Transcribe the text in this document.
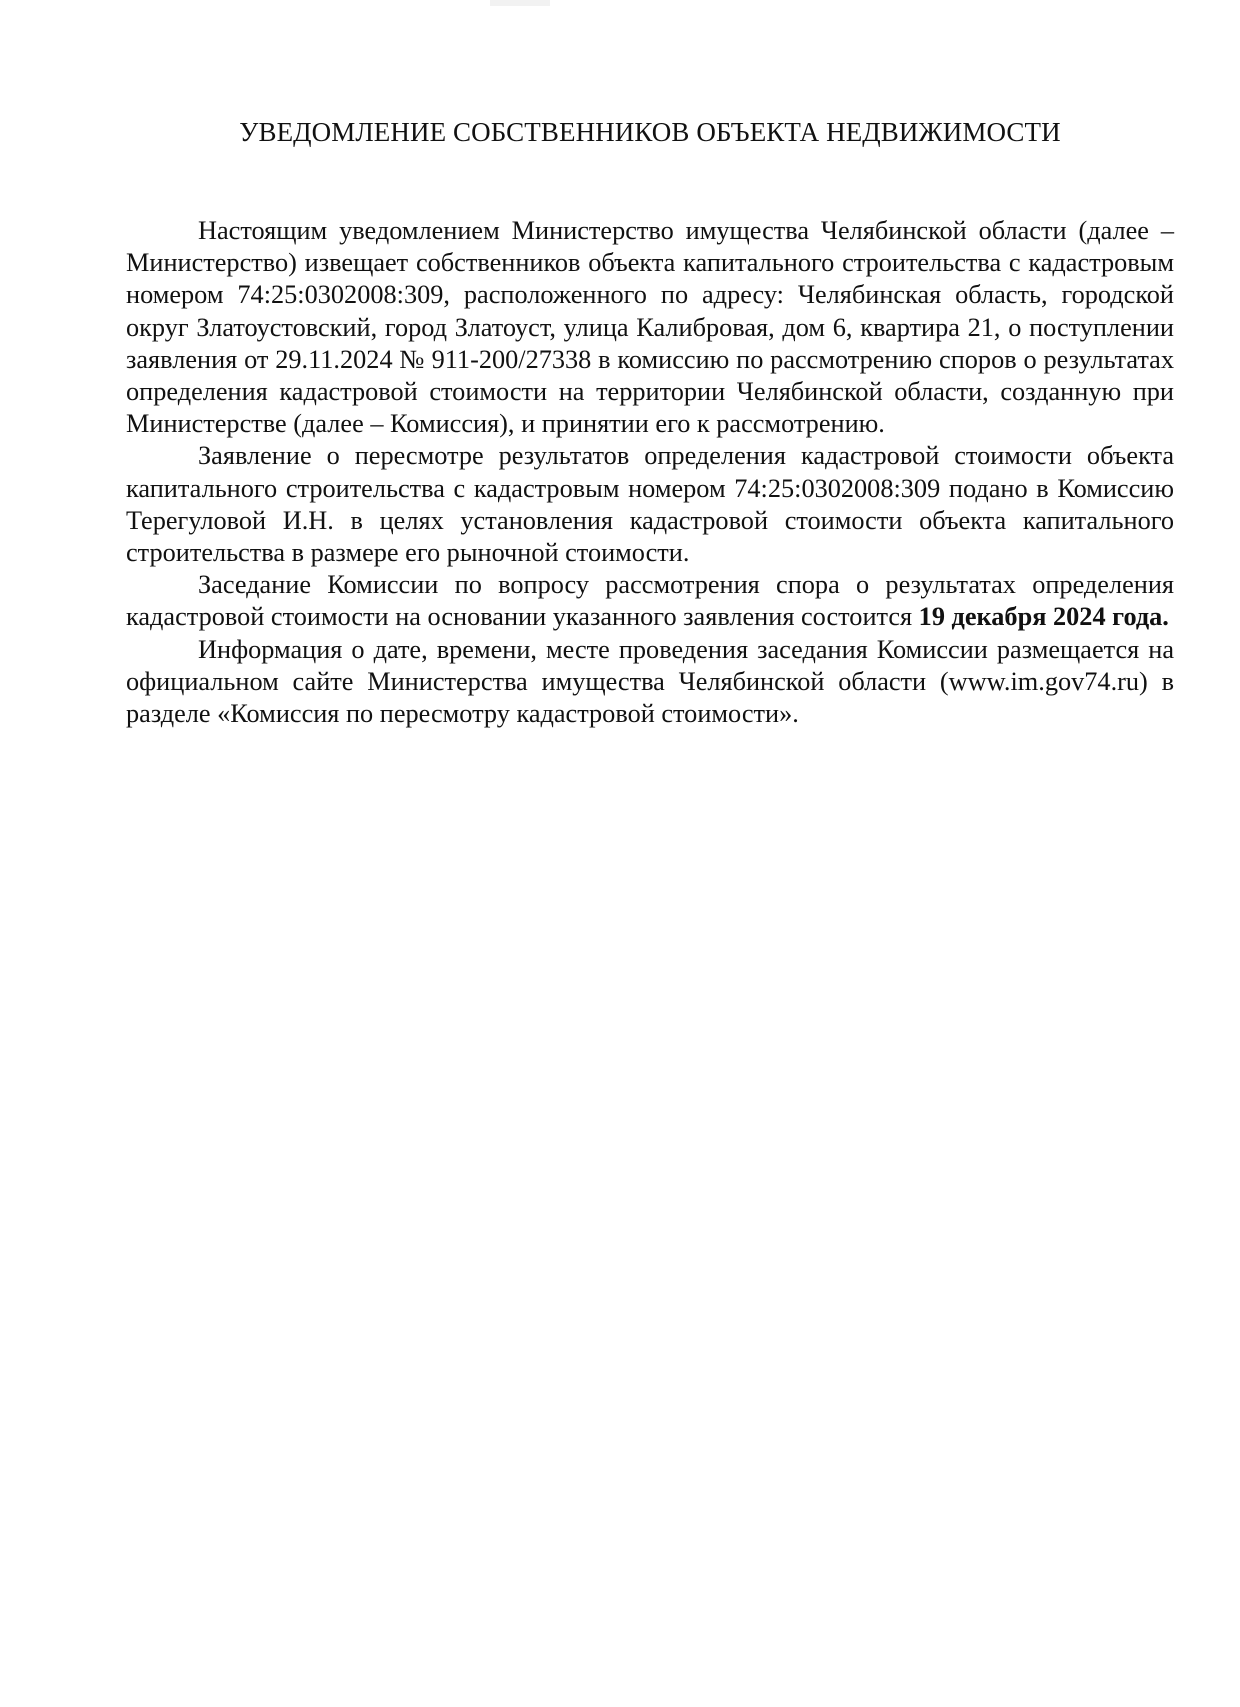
УВЕДОМЛЕНИЕ СОБСТВЕННИКОВ ОБЪЕКТА НЕДВИЖИМОСТИ

Настоящим уведомлением Министерство имущества Челябинской области (далее – Министерство) извещает собственников объекта капитального строительства с кадастровым номером 74:25:0302008:309, расположенного по адресу: Челябинская область, городской округ Златоустовский, город Златоуст, улица Калибровая, дом 6, квартира 21, о поступлении заявления от 29.11.2024 № 911-200/27338 в комиссию по рассмотрению споров о результатах определения кадастровой стоимости на территории Челябинской области, созданную при Министерстве (далее – Комиссия), и принятии его к рассмотрению.

Заявление о пересмотре результатов определения кадастровой стоимости объекта капитального строительства с кадастровым номером 74:25:0302008:309 подано в Комиссию Терегуловой И.Н. в целях установления кадастровой стоимости объекта капитального строительства в размере его рыночной стоимости.

Заседание Комиссии по вопросу рассмотрения спора о результатах определения кадастровой стоимости на основании указанного заявления состоится 19 декабря 2024 года.

Информация о дате, времени, месте проведения заседания Комиссии размещается на официальном сайте Министерства имущества Челябинской области (www.im.gov74.ru) в разделе «Комиссия по пересмотру кадастровой стоимости».
